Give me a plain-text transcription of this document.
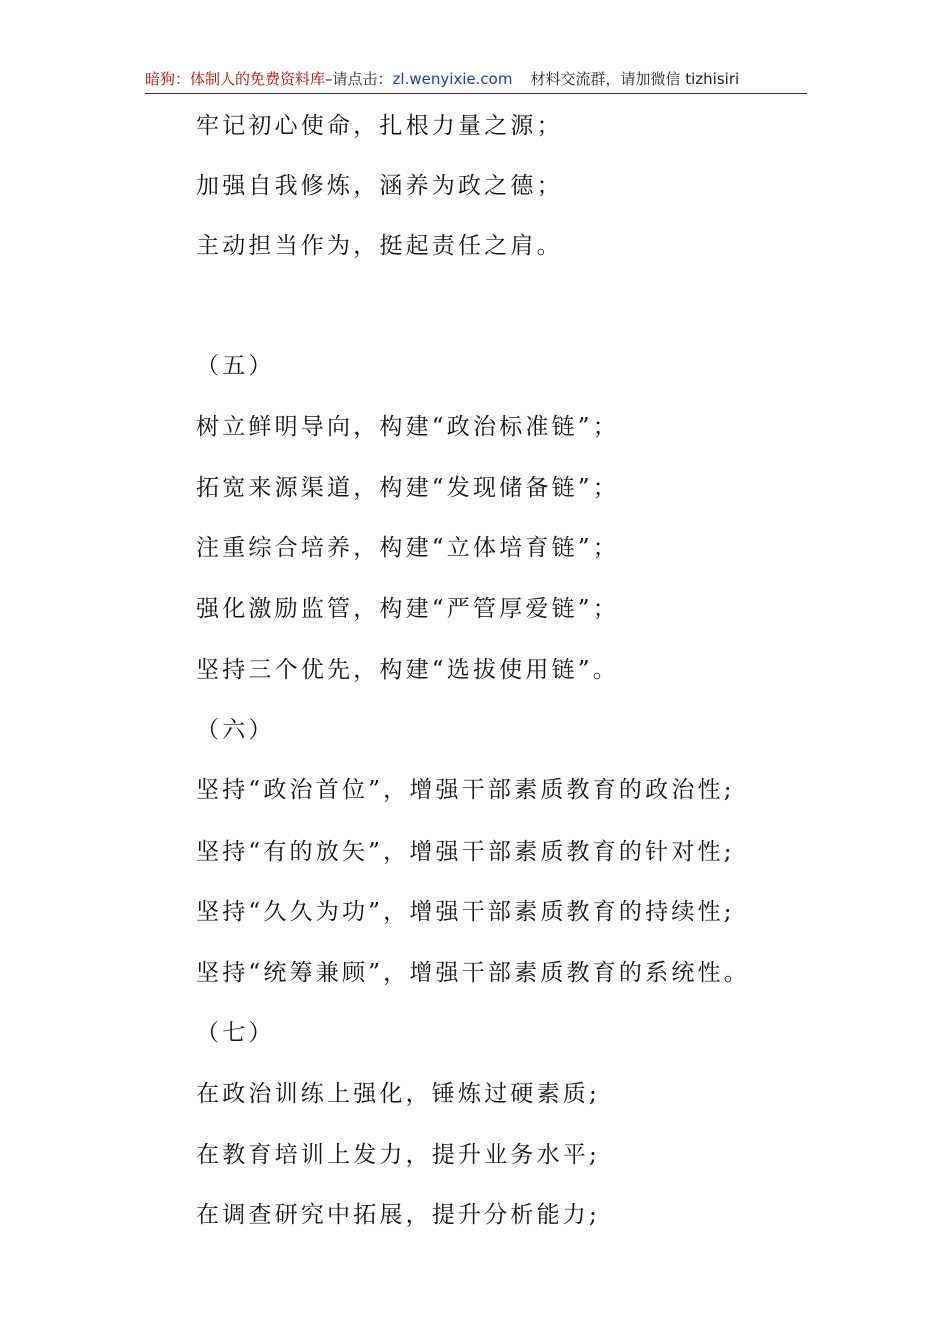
暗狗：体制人的免费资料库–请点击：zl.wenyixie.com 材料交流群，请加微信 tizhisiri
牢记初心使命，扎根力量之源；
加强自我修炼，涵养为政之德；
主动担当作为，挺起责任之肩。
（五）
树立鲜明导向，构建“政治标准链”；
拓宽来源渠道，构建“发现储备链”；
注重综合培养，构建“立体培育链”；
强化激励监管，构建“严管厚爱链”；
坚持三个优先，构建“选拔使用链”。
（六）
坚持“政治首位”，增强干部素质教育的政治性;
坚持“有的放矢”，增强干部素质教育的针对性;
坚持“久久为功”，增强干部素质教育的持续性;
坚持“统筹兼顾”，增强干部素质教育的系统性。
（七）
在政治训练上强化，锤炼过硬素质;
在教育培训上发力，提升业务水平;
在调查研究中拓展，提升分析能力;
